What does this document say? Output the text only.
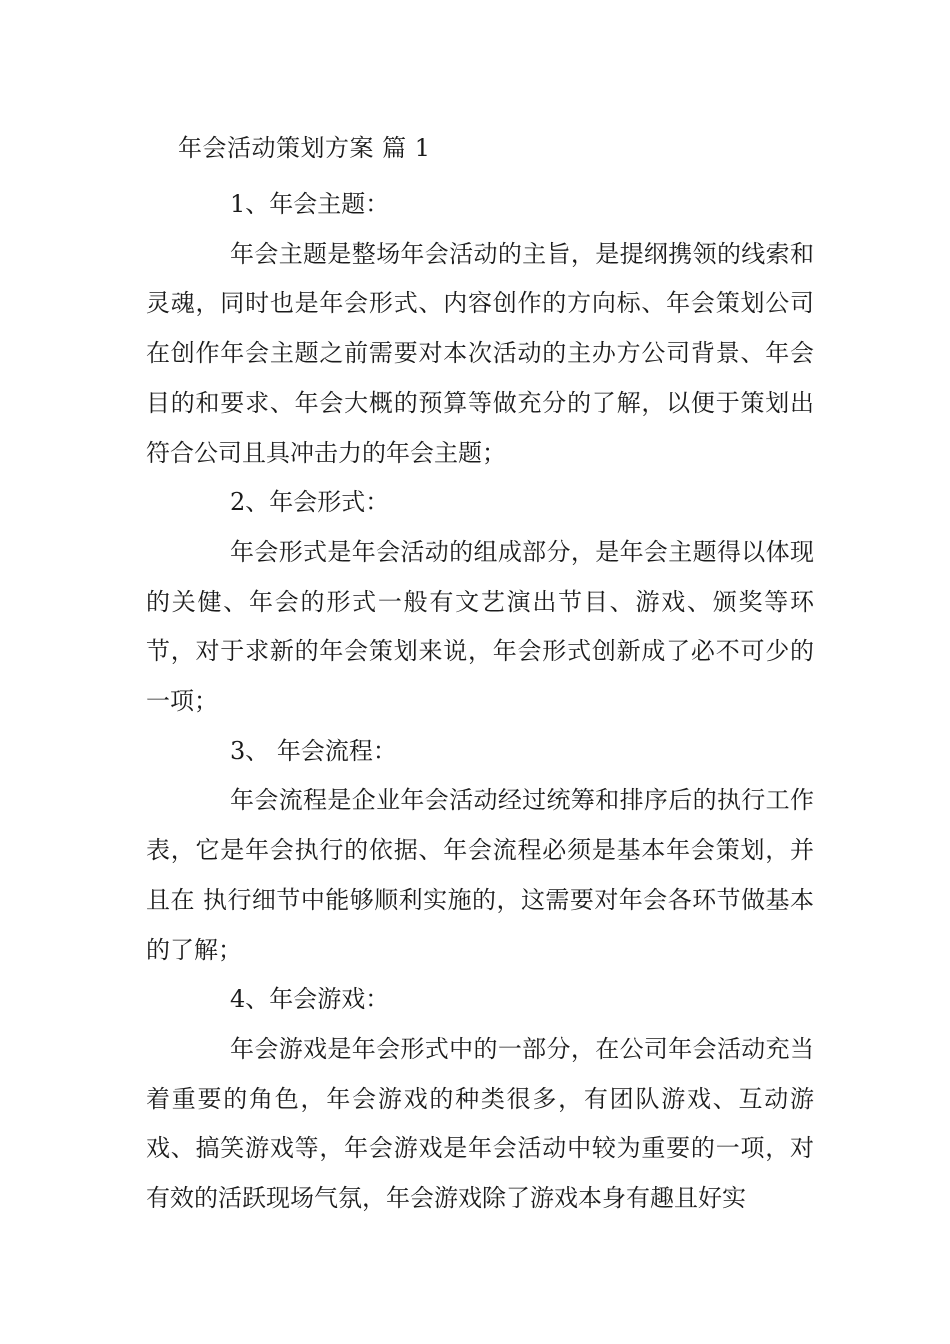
年会活动策划方案 篇 1

1、年会主题：

年会主题是整场年会活动的主旨，是提纲携领的线索和灵魂，同时也是年会形式、内容创作的方向标、年会策划公司在创作年会主题之前需要对本次活动的主办方公司背景、年会目的和要求、年会大概的预算等做充分的了解，以便于策划出符合公司且具冲击力的年会主题；

2、年会形式：

年会形式是年会活动的组成部分，是年会主题得以体现的关健、年会的形式一般有文艺演出节目、游戏、颁奖等环节，对于求新的年会策划来说，年会形式创新成了必不可少的一项；

3、 年会流程：

年会流程是企业年会活动经过统筹和排序后的执行工作表，它是年会执行的依据、年会流程必须是基本年会策划，并且在 执行细节中能够顺利实施的，这需要对年会各环节做基本的了解；

4、年会游戏：

年会游戏是年会形式中的一部分，在公司年会活动充当着重要的角色，年会游戏的种类很多，有团队游戏、互动游戏、搞笑游戏等，年会游戏是年会活动中较为重要的一项，对有效的活跃现场气氛，年会游戏除了游戏本身有趣且好实
